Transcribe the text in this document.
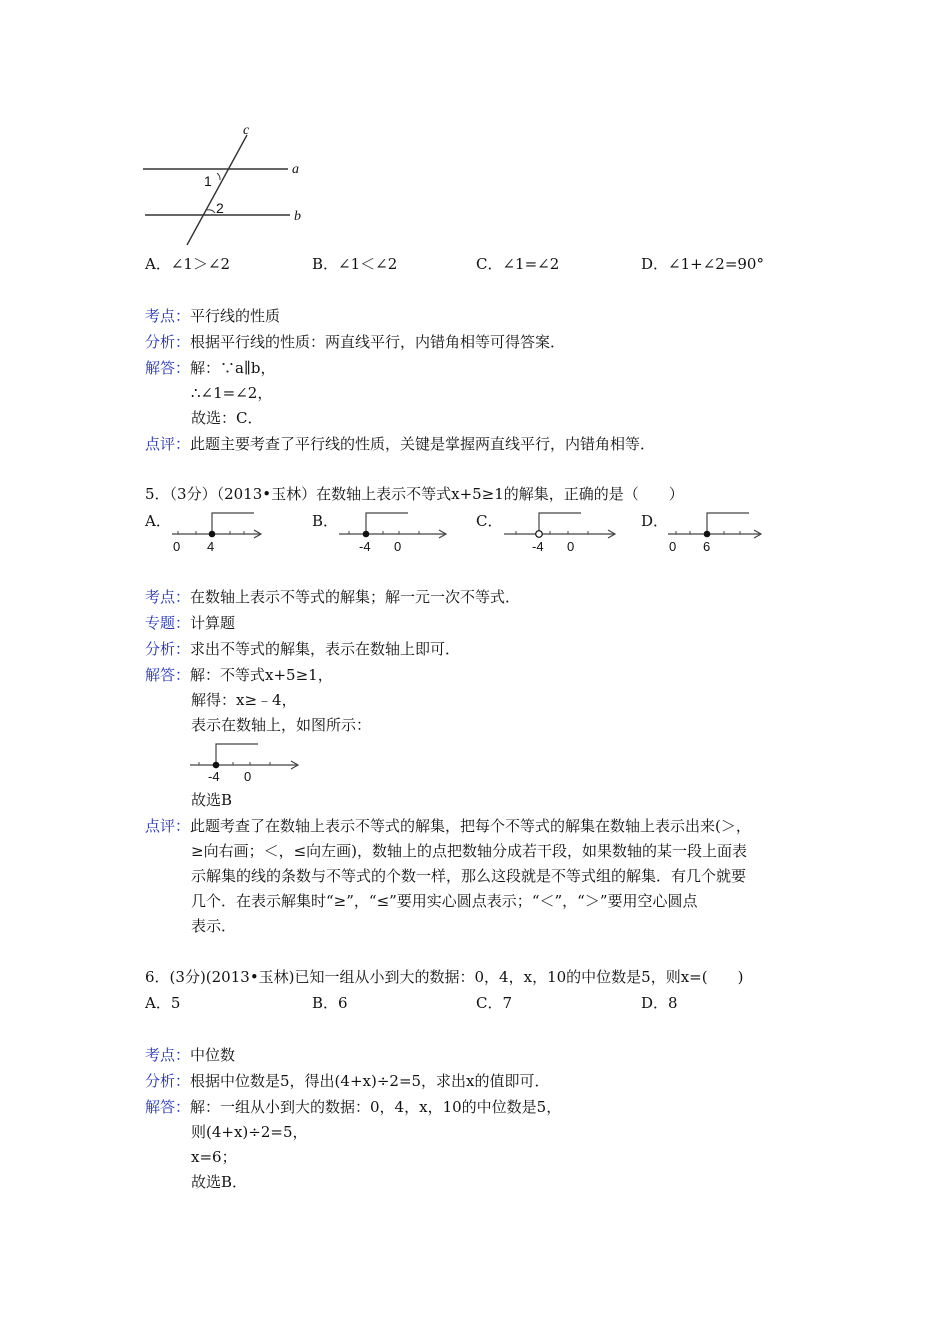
c
a
b
1
2
A．∠1＞∠2	B．∠1＜∠2	C．∠1=∠2	D．∠1+∠2=90°
考点：平行线的性质
分析：根据平行线的性质：两直线平行，内错角相等可得答案．
解答：解：∵a∥b，
∴∠1=∠2，
故选：C．
点评：此题主要考查了平行线的性质，关键是掌握两直线平行，内错角相等．
5．（3分）（2013•玉林）在数轴上表示不等式x+5≥1的解集，正确的是（　　）
A．
0 4
B．
-4 0
C．
-4 0
D．
0 6
考点：在数轴上表示不等式的解集；解一元一次不等式．
专题：计算题
分析：求出不等式的解集，表示在数轴上即可．
解答：解：不等式x+5≥1，
解得：x≥﹣4，
表示在数轴上，如图所示：
-4 0
故选B
点评：此题考查了在数轴上表示不等式的解集，把每个不等式的解集在数轴上表示出来(＞，
≥向右画；＜，≤向左画)，数轴上的点把数轴分成若干段，如果数轴的某一段上面表
示解集的线的条数与不等式的个数一样，那么这段就是不等式组的解集．有几个就要
几个．在表示解集时“≥”，“≤”要用实心圆点表示；“＜”，“＞”要用空心圆点
表示．
6．(3分)(2013•玉林)已知一组从小到大的数据：0，4，x，10的中位数是5，则x=(　　)
A．5	B．6	C．7	D．8
考点：中位数
分析：根据中位数是5，得出(4+x)÷2=5，求出x的值即可．
解答：解：一组从小到大的数据：0，4，x，10的中位数是5，
则(4+x)÷2=5，
x=6；
故选B．
